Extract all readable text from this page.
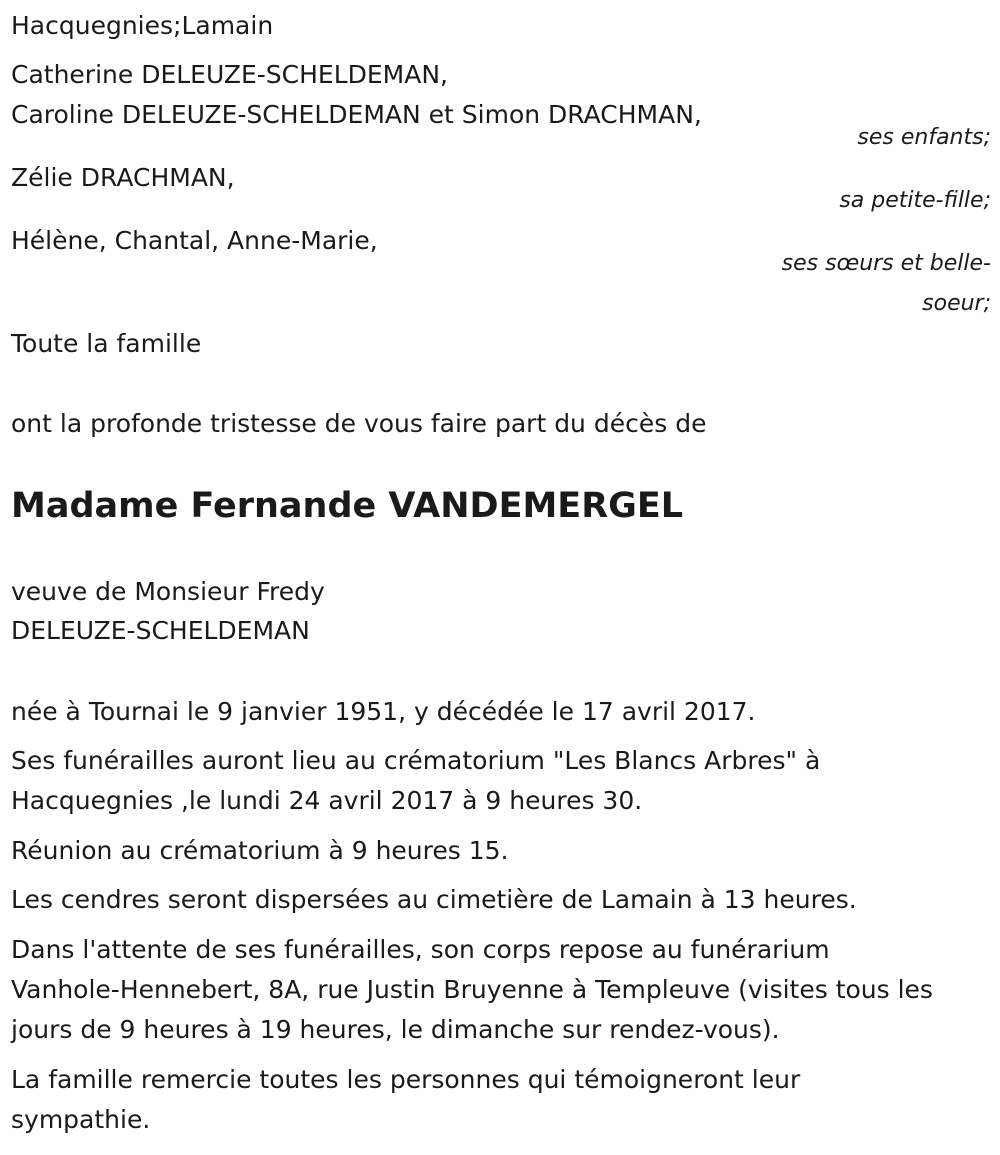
Hacquegnies;Lamain
Catherine DELEUZE-SCHELDEMAN,
Caroline DELEUZE-SCHELDEMAN et Simon DRACHMAN,
ses enfants;
Zélie DRACHMAN,
sa petite-fille;
Hélène, Chantal, Anne-Marie,
ses sœurs et belle-
soeur;
Toute la famille
ont la profonde tristesse de vous faire part du décès de
Madame Fernande VANDEMERGEL
veuve de Monsieur Fredy
DELEUZE-SCHELDEMAN
née à Tournai le 9 janvier 1951, y décédée le 17 avril 2017.
Ses funérailles auront lieu au crématorium "Les Blancs Arbres" à
Hacquegnies ,le lundi 24 avril 2017 à 9 heures 30.
Réunion au crématorium à 9 heures 15.
Les cendres seront dispersées au cimetière de Lamain à 13 heures.
Dans l'attente de ses funérailles, son corps repose au funérarium
Vanhole-Hennebert, 8A, rue Justin Bruyenne à Templeuve (visites tous les
jours de 9 heures à 19 heures, le dimanche sur rendez-vous).
La famille remercie toutes les personnes qui témoigneront leur
sympathie.
